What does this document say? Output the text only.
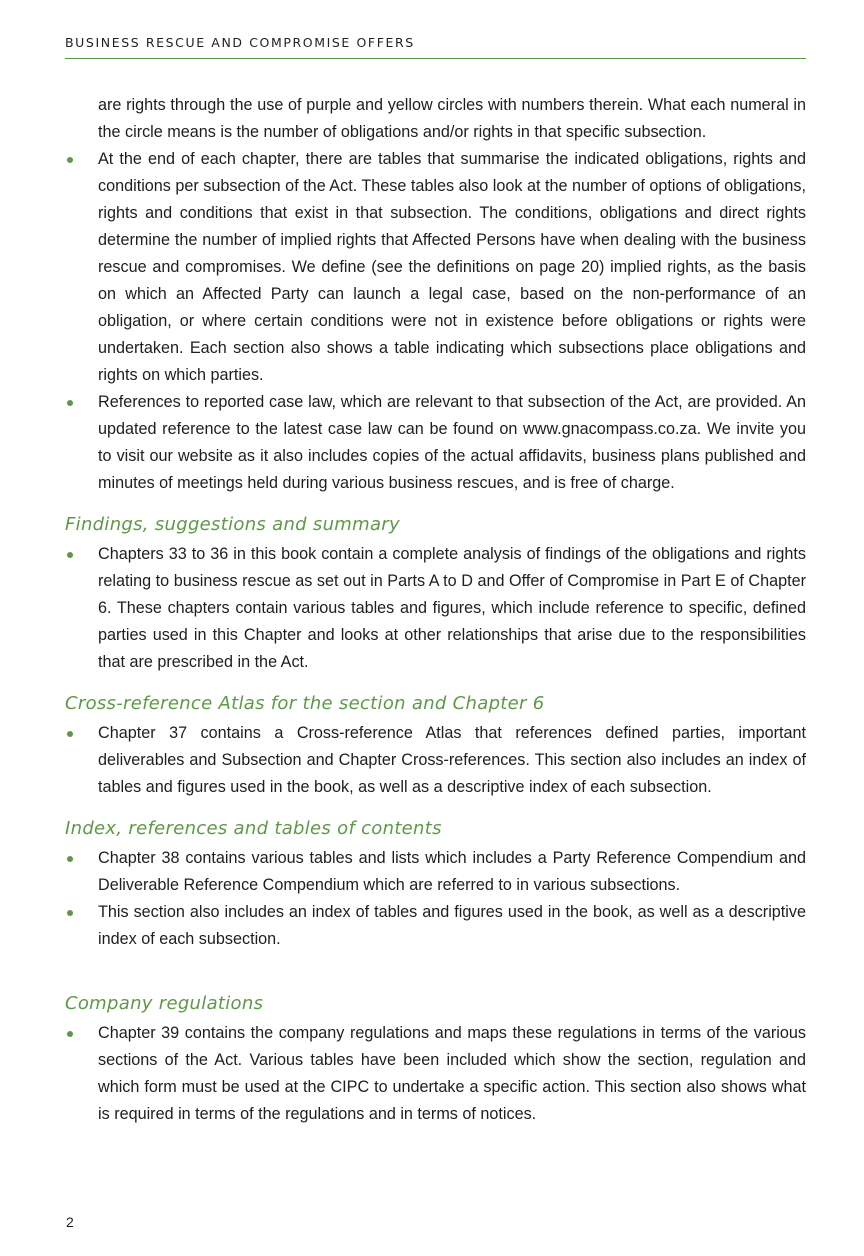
BUSINESS RESCUE AND COMPROMISE OFFERS

are rights through the use of purple and yellow circles with numbers therein. What each numeral in the circle means is the number of obligations and/or rights in that specific subsection.

At the end of each chapter, there are tables that summarise the indicated obligations, rights and conditions per subsection of the Act. These tables also look at the number of options of obligations, rights and conditions that exist in that subsection. The conditions, obligations and direct rights determine the number of implied rights that Affected Persons have when dealing with the business rescue and compromises. We define (see the definitions on page 20) implied rights, as the basis on which an Affected Party can launch a legal case, based on the non-performance of an obligation, or where certain conditions were not in existence before obligations or rights were undertaken. Each section also shows a table indicating which subsections place obligations and rights on which parties.
References to reported case law, which are relevant to that subsection of the Act, are provided. An updated reference to the latest case law can be found on www.gnacompass.co.za. We invite you to visit our website as it also includes copies of the actual affidavits, business plans published and minutes of meetings held during various business rescues, and is free of charge.
Findings, suggestions and summary
Chapters 33 to 36 in this book contain a complete analysis of findings of the obligations and rights relating to business rescue as set out in Parts A to D and Offer of Compromise in Part E of Chapter 6. These chapters contain various tables and figures, which include reference to specific, defined parties used in this Chapter and looks at other relationships that arise due to the responsibilities that are prescribed in the Act.
Cross-reference Atlas for the section and Chapter 6
Chapter 37 contains a Cross-reference Atlas that references defined parties, important deliverables and Subsection and Chapter Cross-references. This section also includes an index of tables and figures used in the book, as well as a descriptive index of each subsection.
Index, references and tables of contents
Chapter 38 contains various tables and lists which includes a Party Reference Compendium and Deliverable Reference Compendium which are referred to in various subsections.
This section also includes an index of tables and figures used in the book, as well as a descriptive index of each subsection.
Company regulations
Chapter 39 contains the company regulations and maps these regulations in terms of the various sections of the Act. Various tables have been included which show the section, regulation and which form must be used at the CIPC to undertake a specific action. This section also shows what is required in terms of the regulations and in terms of notices.
2
